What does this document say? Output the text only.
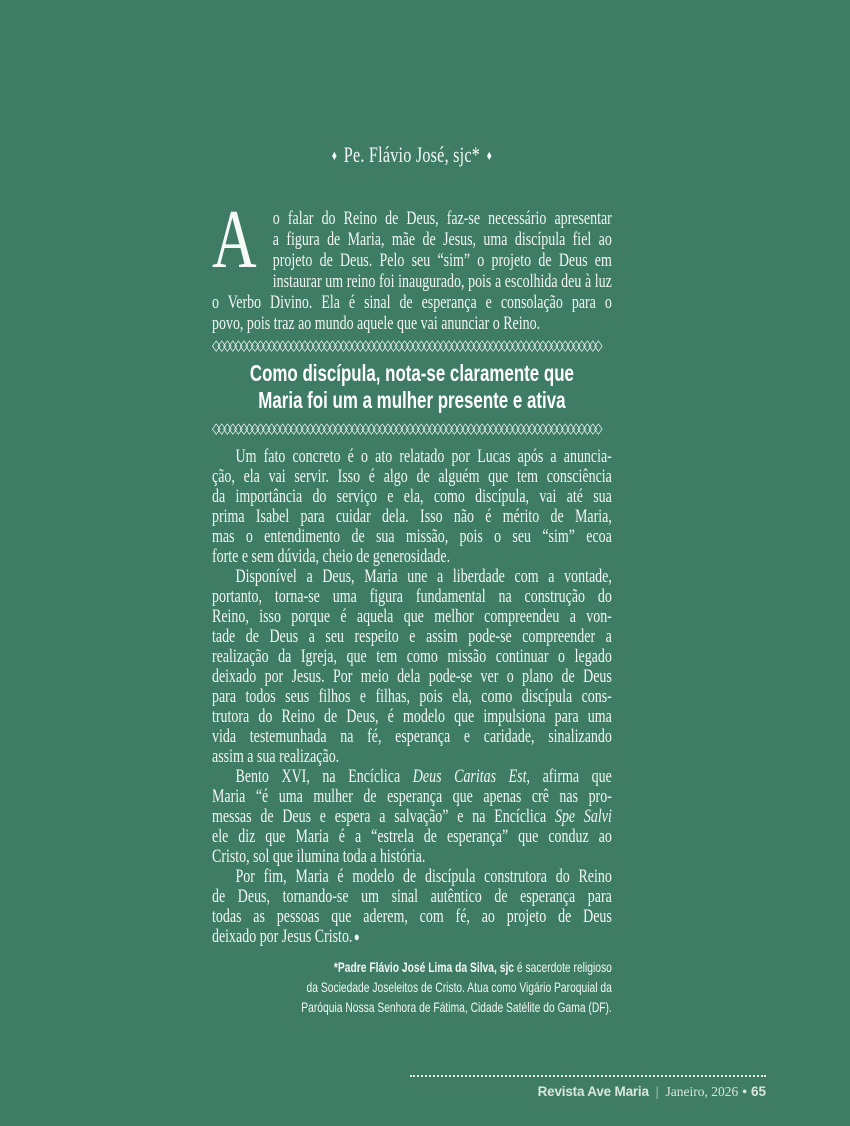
♦ Pe. Flávio José, sjc* ♦
A o falar do Reino de Deus, faz-se necessário apresentar
a figura de Maria, mãe de Jesus, uma discípula fiel ao
projeto de Deus. Pelo seu “sim” o projeto de Deus em
instaurar um reino foi inaugurado, pois a escolhida deu à luz
o Verbo Divino. Ela é sinal de esperança e consolação para o
povo, pois traz ao mundo aquele que vai anunciar o Reino.
◇◇◇◇◇◇◇◇◇◇◇◇◇◇◇◇◇◇◇◇◇◇◇◇◇◇◇◇◇◇◇◇◇◇◇◇◇◇◇◇◇◇◇◇◇◇◇◇◇◇◇◇◇◇◇◇◇◇◇◇◇◇◇◇◇◇◇◇◇◇
Como discípula, nota-se claramente que
Maria foi um a mulher presente e ativa
◇◇◇◇◇◇◇◇◇◇◇◇◇◇◇◇◇◇◇◇◇◇◇◇◇◇◇◇◇◇◇◇◇◇◇◇◇◇◇◇◇◇◇◇◇◇◇◇◇◇◇◇◇◇◇◇◇◇◇◇◇◇◇◇◇◇◇◇◇◇
Um fato concreto é o ato relatado por Lucas após a anuncia-
ção, ela vai servir. Isso é algo de alguém que tem consciência
da importância do serviço e ela, como discípula, vai até sua
prima Isabel para cuidar dela. Isso não é mérito de Maria,
mas o entendimento de sua missão, pois o seu “sim” ecoa
forte e sem dúvida, cheio de generosidade.
Disponível a Deus, Maria une a liberdade com a vontade,
portanto, torna-se uma figura fundamental na construção do
Reino, isso porque é aquela que melhor compreendeu a von-
tade de Deus a seu respeito e assim pode-se compreender a
realização da Igreja, que tem como missão continuar o legado
deixado por Jesus. Por meio dela pode-se ver o plano de Deus
para todos seus filhos e filhas, pois ela, como discípula cons-
trutora do Reino de Deus, é modelo que impulsiona para uma
vida testemunhada na fé, esperança e caridade, sinalizando
assim a sua realização.
Bento XVI, na Encíclica Deus Caritas Est, afirma que
Maria “é uma mulher de esperança que apenas crê nas pro-
messas de Deus e espera a salvação” e na Encíclica Spe Salvi
ele diz que Maria é a “estrela de esperança” que conduz ao
Cristo, sol que ilumina toda a história.
Por fim, Maria é modelo de discípula construtora do Reino
de Deus, tornando-se um sinal autêntico de esperança para
todas as pessoas que aderem, com fé, ao projeto de Deus
deixado por Jesus Cristo.●
*Padre Flávio José Lima da Silva, sjc é sacerdote religioso
da Sociedade Joseleitos de Cristo. Atua como Vigário Paroquial da
Paróquia Nossa Senhora de Fátima, Cidade Satélite do Gama (DF).
Revista Ave Maria | Janeiro, 2026 • 65
